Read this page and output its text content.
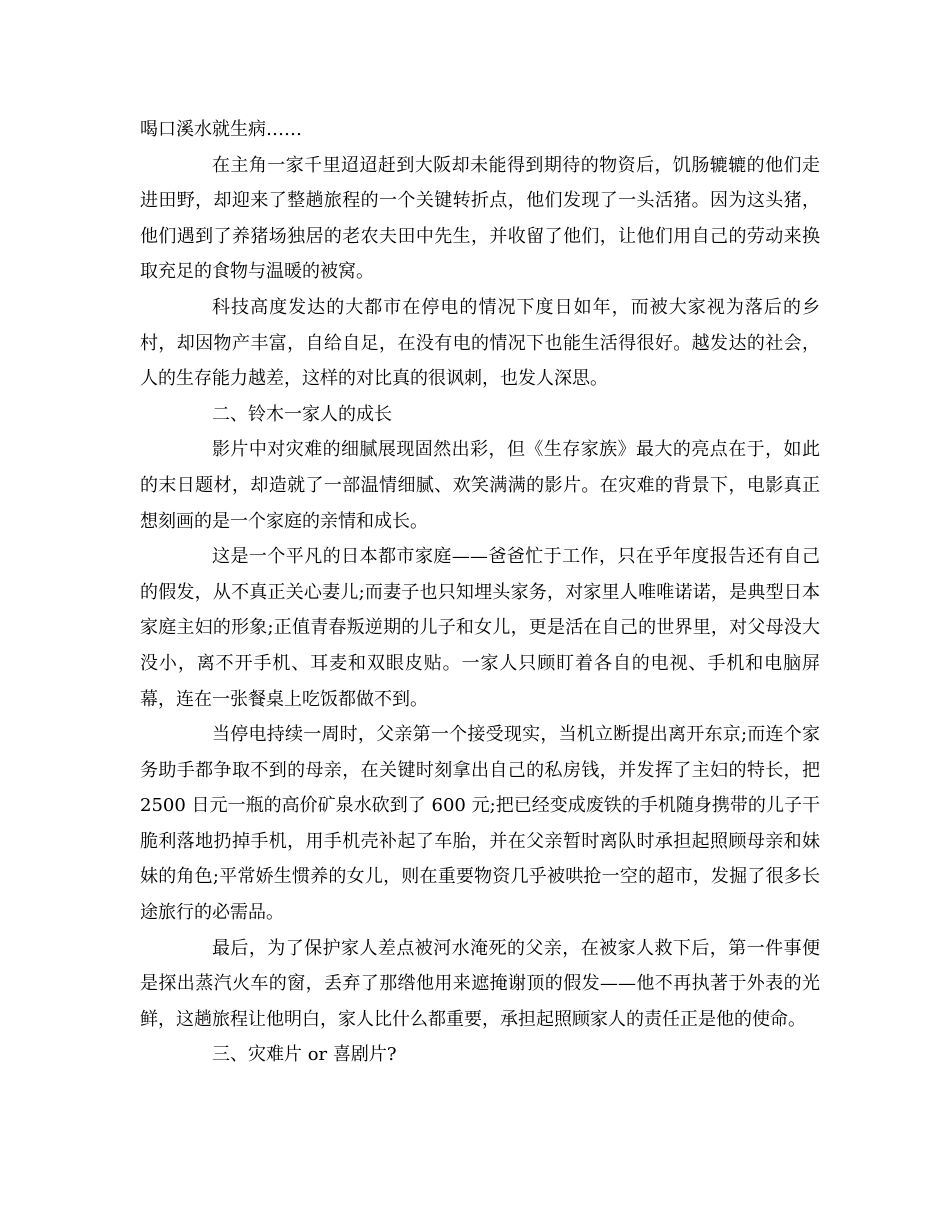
喝口溪水就生病……

在主角一家千里迢迢赶到大阪却未能得到期待的物资后，饥肠辘辘的他们走进田野，却迎来了整趟旅程的一个关键转折点，他们发现了一头活猪。因为这头猪，他们遇到了养猪场独居的老农夫田中先生，并收留了他们，让他们用自己的劳动来换取充足的食物与温暖的被窝。

科技高度发达的大都市在停电的情况下度日如年，而被大家视为落后的乡村，却因物产丰富，自给自足，在没有电的情况下也能生活得很好。越发达的社会，人的生存能力越差，这样的对比真的很讽刺，也发人深思。

二、铃木一家人的成长

影片中对灾难的细腻展现固然出彩，但《生存家族》最大的亮点在于，如此的末日题材，却造就了一部温情细腻、欢笑满满的影片。在灾难的背景下，电影真正想刻画的是一个家庭的亲情和成长。

这是一个平凡的日本都市家庭——爸爸忙于工作，只在乎年度报告还有自己的假发，从不真正关心妻儿;而妻子也只知埋头家务，对家里人唯唯诺诺，是典型日本家庭主妇的形象;正值青春叛逆期的儿子和女儿，更是活在自己的世界里，对父母没大没小，离不开手机、耳麦和双眼皮贴。一家人只顾盯着各自的电视、手机和电脑屏幕，连在一张餐桌上吃饭都做不到。

当停电持续一周时，父亲第一个接受现实，当机立断提出离开东京;而连个家务助手都争取不到的母亲，在关键时刻拿出自己的私房钱，并发挥了主妇的特长，把 2500 日元一瓶的高价矿泉水砍到了 600 元;把已经变成废铁的手机随身携带的儿子干脆利落地扔掉手机，用手机壳补起了车胎，并在父亲暂时离队时承担起照顾母亲和妹妹的角色;平常娇生惯养的女儿，则在重要物资几乎被哄抢一空的超市，发掘了很多长途旅行的必需品。

最后，为了保护家人差点被河水淹死的父亲，在被家人救下后，第一件事便是探出蒸汽火车的窗，丢弃了那绺他用来遮掩谢顶的假发——他不再执著于外表的光鲜，这趟旅程让他明白，家人比什么都重要，承担起照顾家人的责任正是他的使命。

三、灾难片 or 喜剧片?
